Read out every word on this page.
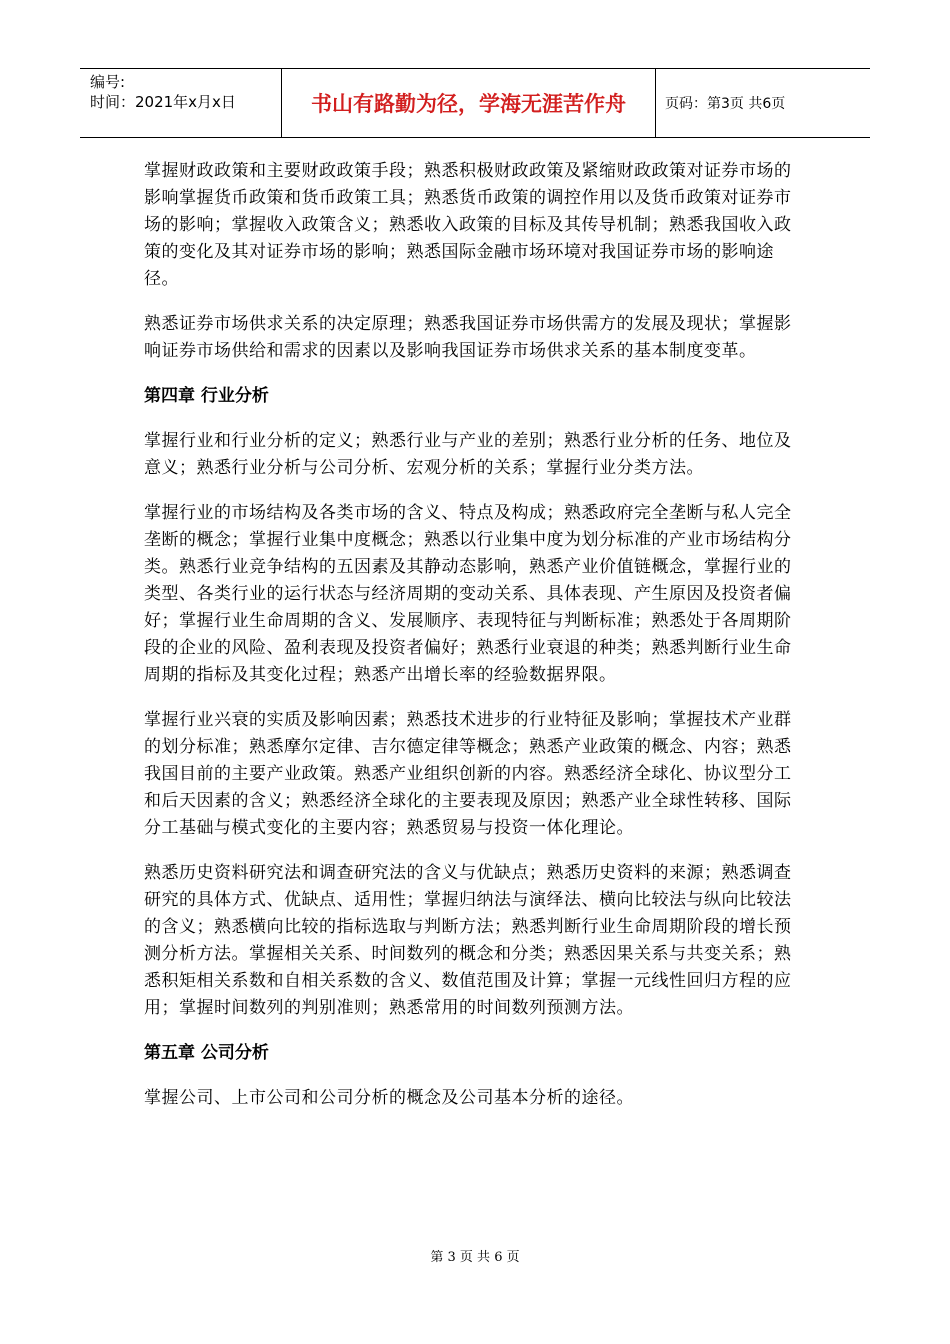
编号:
时间：2021年x月x日	书山有路勤为径，学海无涯苦作舟	页码：第3页 共6页

掌握财政政策和主要财政政策手段；熟悉积极财政政策及紧缩财政政策对证券市场的影响掌握货币政策和货币政策工具；熟悉货币政策的调控作用以及货币政策对证券市场的影响；掌握收入政策含义；熟悉收入政策的目标及其传导机制；熟悉我国收入政策的变化及其对证券市场的影响；熟悉国际金融市场环境对我国证券市场的影响途径。

熟悉证券市场供求关系的决定原理；熟悉我国证券市场供需方的发展及现状；掌握影响证券市场供给和需求的因素以及影响我国证券市场供求关系的基本制度变革。

第四章 行业分析

掌握行业和行业分析的定义；熟悉行业与产业的差别；熟悉行业分析的任务、地位及意义；熟悉行业分析与公司分析、宏观分析的关系；掌握行业分类方法。

掌握行业的市场结构及各类市场的含义、特点及构成；熟悉政府完全垄断与私人完全垄断的概念；掌握行业集中度概念；熟悉以行业集中度为划分标准的产业市场结构分类。熟悉行业竞争结构的五因素及其静动态影响，熟悉产业价值链概念，掌握行业的类型、各类行业的运行状态与经济周期的变动关系、具体表现、产生原因及投资者偏好；掌握行业生命周期的含义、发展顺序、表现特征与判断标准；熟悉处于各周期阶段的企业的风险、盈利表现及投资者偏好；熟悉行业衰退的种类；熟悉判断行业生命周期的指标及其变化过程；熟悉产出增长率的经验数据界限。

掌握行业兴衰的实质及影响因素；熟悉技术进步的行业特征及影响；掌握技术产业群的划分标准；熟悉摩尔定律、吉尔德定律等概念；熟悉产业政策的概念、内容；熟悉我国目前的主要产业政策。熟悉产业组织创新的内容。熟悉经济全球化、协议型分工和后天因素的含义；熟悉经济全球化的主要表现及原因；熟悉产业全球性转移、国际分工基础与模式变化的主要内容；熟悉贸易与投资一体化理论。

熟悉历史资料研究法和调查研究法的含义与优缺点；熟悉历史资料的来源；熟悉调查研究的具体方式、优缺点、适用性；掌握归纳法与演绎法、横向比较法与纵向比较法的含义；熟悉横向比较的指标选取与判断方法；熟悉判断行业生命周期阶段的增长预测分析方法。掌握相关关系、时间数列的概念和分类；熟悉因果关系与共变关系；熟悉积矩相关系数和自相关系数的含义、数值范围及计算；掌握一元线性回归方程的应用；掌握时间数列的判别准则；熟悉常用的时间数列预测方法。

第五章 公司分析

掌握公司、上市公司和公司分析的概念及公司基本分析的途径。

第 3 页 共 6 页
